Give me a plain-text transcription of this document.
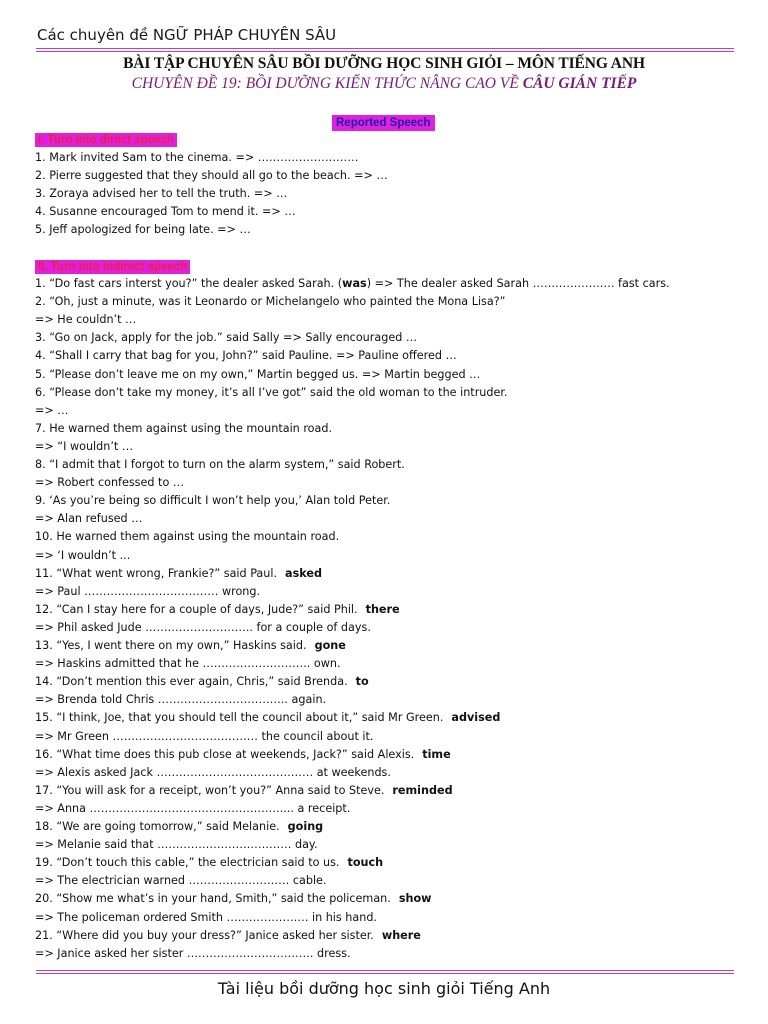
Các chuyên đề NGỮ PHÁP CHUYÊN SÂU
BÀI TẬP CHUYÊN SÂU BỒI DƯỠNG HỌC SINH GIỎI – MÔN TIẾNG ANH
CHUYÊN ĐỀ 19: BỒI DƯỠNG KIẾN THỨC NÂNG CAO VỀ CÂU GIÁN TIẾP
Reported Speech
I. Turn into direct speech
1. Mark invited Sam to the cinema. => ………………………
2. Pierre suggested that they should all go to the beach. => …
3. Zoraya advised her to tell the truth. => …
4. Susanne encouraged Tom to mend it. => …
5. Jeff apologized for being late. => …
II. Turn into indirect speech
1. “Do fast cars interst you?” the dealer asked Sarah. (was) => The dealer asked Sarah …………………. fast cars.
2. “Oh, just a minute, was it Leonardo or Michelangelo who painted the Mona Lisa?”
=> He couldn’t …
3. “Go on Jack, apply for the job.” said Sally => Sally encouraged …
4. “Shall I carry that bag for you, John?” said Pauline. => Pauline offered …
5. “Please don’t leave me on my own,” Martin begged us. => Martin begged …
6. “Please don’t take my money, it’s all I’ve got” said the old woman to the intruder.
=> …
7. He warned them against using the mountain road.
=> “I wouldn’t …
8. “I admit that I forgot to turn on the alarm system,” said Robert.
=> Robert confessed to …
9. ‘As you’re being so difficult I won’t help you,’ Alan told Peter.
=> Alan refused …
10. He warned them against using the mountain road.
=> ‘I wouldn’t ...
11. “What went wrong, Frankie?” said Paul. asked
=> Paul ……………………………… wrong.
12. “Can I stay here for a couple of days, Jude?” said Phil. there
=> Phil asked Jude ……………………….. for a couple of days.
13. “Yes, I went there on my own,” Haskins said. gone
=> Haskins admitted that he ……………………….. own.
14. “Don’t mention this ever again, Chris,” said Brenda. to
=> Brenda told Chris …………………………….. again.
15. “I think, Joe, that you should tell the council about it,” said Mr Green. advised
=> Mr Green ………………………………… the council about it.
16. “What time does this pub close at weekends, Jack?” said Alexis. time
=> Alexis asked Jack …………………………………… at weekends.
17. “You will ask for a receipt, won’t you?” Anna said to Steve. reminded
=> Anna …………………………………………….... a receipt.
18. “We are going tomorrow,” said Melanie. going
=> Melanie said that ……………………………… day.
19. “Don’t touch this cable,” the electrician said to us. touch
=> The electrician warned ……………………… cable.
20. “Show me what’s in your hand, Smith,” said the policeman. show
=> The policeman ordered Smith …………………. in his hand.
21. “Where did you buy your dress?” Janice asked her sister. where
=> Janice asked her sister ……………………………. dress.
Tài liệu bồi dưỡng học sinh giỏi Tiếng Anh
